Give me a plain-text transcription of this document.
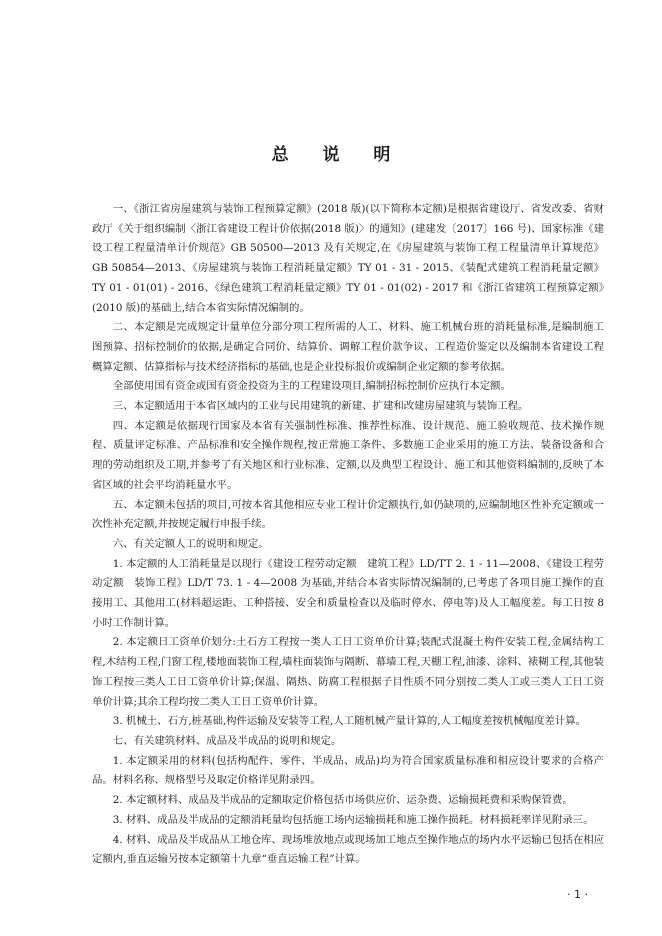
总 说 明

一、《浙江省房屋建筑与装饰工程预算定额》(2018 版)(以下简称本定额)是根据省建设厅、省发改委、省财政厅《关于组织编制〈浙江省建设工程计价依据(2018 版)〉的通知》(建建发〔2017〕166 号)、国家标准《建设工程工程量清单计价规范》GB 50500—2013 及有关规定,在《房屋建筑与装饰工程工程量清单计算规范》GB 50854—2013、《房屋建筑与装饰工程消耗量定额》TY 01 - 31 - 2015、《装配式建筑工程消耗量定额》TY 01 - 01(01) - 2016、《绿色建筑工程消耗量定额》TY 01 - 01(02) - 2017 和《浙江省建筑工程预算定额》(2010 版)的基础上,结合本省实际情况编制的。

二、本定额是完成规定计量单位分部分项工程所需的人工、材料、施工机械台班的消耗量标准,是编制施工图预算、招标控制价的依据,是确定合同价、结算价、调解工程价款争议、工程造价鉴定以及编制本省建设工程概算定额、估算指标与技术经济指标的基础,也是企业投标报价或编制企业定额的参考依据。

全部使用国有资金或国有资金投资为主的工程建设项目,编制招标控制价应执行本定额。

三、本定额适用于本省区域内的工业与民用建筑的新建、扩建和改建房屋建筑与装饰工程。

四、本定额是依据现行国家及本省有关强制性标准、推荐性标准、设计规范、施工验收规范、技术操作规程、质量评定标准、产品标准和安全操作规程,按正常施工条件、多数施工企业采用的施工方法、装备设备和合理的劳动组织及工期,并参考了有关地区和行业标准、定额,以及典型工程设计、施工和其他资料编制的,反映了本省区域的社会平均消耗量水平。

五、本定额未包括的项目,可按本省其他相应专业工程计价定额执行,如仍缺项的,应编制地区性补充定额或一次性补充定额,并按规定履行申报手续。

六、有关定额人工的说明和规定。

1. 本定额的人工消耗量是以现行《建设工程劳动定额　建筑工程》LD/TT 2. 1 - 11—2008、《建设工程劳动定额　装饰工程》LD/T 73. 1 - 4—2008 为基础,并结合本省实际情况编制的,已考虑了各项目施工操作的直接用工、其他用工(材料超运距、工种搭接、安全和质量检查以及临时停水、停电等)及人工幅度差。每工日按 8 小时工作制计算。

2. 本定额日工资单价划分:土石方工程按一类人工日工资单价计算;装配式混凝土构件安装工程,金属结构工程,木结构工程,门窗工程,楼地面装饰工程,墙柱面装饰与隔断、幕墙工程,天棚工程,油漆、涂料、裱糊工程,其他装饰工程按三类人工日工资单价计算;保温、隔热、防腐工程根据子目性质不同分别按二类人工或三类人工日工资单价计算;其余工程均按二类人工日工资单价计算。

3. 机械土、石方,桩基础,构件运输及安装等工程,人工随机械产量计算的,人工幅度差按机械幅度差计算。

七、有关建筑材料、成品及半成品的说明和规定。

1. 本定额采用的材料(包括构配件、零件、半成品、成品)均为符合国家质量标准和相应设计要求的合格产品。材料名称、规格型号及取定价格详见附录四。

2. 本定额材料、成品及半成品的定额取定价格包括市场供应价、运杂费、运输损耗费和采购保管费。

3. 材料、成品及半成品的定额消耗量均包括施工场内运输损耗和施工操作损耗。材料损耗率详见附录三。

4. 材料、成品及半成品从工地仓库、现场堆放地点或现场加工地点至操作地点的场内水平运输已包括在相应定额内,垂直运输另按本定额第十九章“垂直运输工程”计算。

· 1 ·
